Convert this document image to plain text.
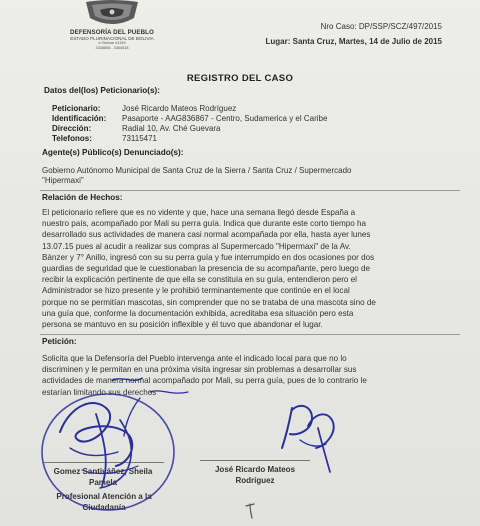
DEFENSORÍA DEL PUEBLO
ESTADO PLURINACIONAL DE BOLIVIA
c/ Bolívar #1159
3338808 - 3364518
Nro Caso: DP/SSP/SCZ/497/2015
Lugar: Santa Cruz, Martes, 14 de Julio de 2015
REGISTRO DEL CASO
Datos del(los) Peticionario(s):
Peticionario:	José Ricardo Mateos Rodríguez
Identificación: Pasaporte - AAG836867 - Centro, Sudamerica y el Caribe
Dirección:	Radial 10, Av. Ché Guevara
Telefonos:	73115471
Agente(s) Público(s) Denunciado(s):
Gobierno Autónomo Municipal de Santa Cruz de la Sierra / Santa Cruz / Supermercado
"Hipermaxi"
Relación de Hechos:
El peticionario refiere que es no vidente y que, hace una semana llegó desde España a
nuestro país, acompañado por Mali su perra guía. Indica que durante este corto tiempo ha
desarrollado sus actividades de manera casi normal acompañada por ella, hasta ayer lunes
13.07.15 pues al acudir a realizar sus compras al Supermercado "Hipermaxi" de la Av.
Bánzer y 7° Anillo, ingresó con su su perra guía y fue interrumpido en dos ocasiones por dos
guardias de seguridad que le cuestionaban la presencia de su acompañante, pero luego de
recibir la explicación pertinente de que ella se constituía en su guía, entendieron pero el
Administrador se hizo presente y le prohibió terminantemente que continúe en el local
porque no se permitían mascotas, sin comprender que no se trataba de una mascota sino de
una guía que, conforme la documentación exhibida, acreditaba esa situación pero esta
persona se mantuvo en su posición inflexible y él tuvo que abandonar el lugar.
Petición:
Solicita que la Defensoría del Pueblo intervenga ante el indicado local para que no lo
discriminen y le permitan en una próxima visita ingresar sin problemas a desarrollar sus
actividades de manera normal acompañado por Mali, su perra guía, pues de lo contrario le
estarían limitando sus derechos
Gomez Santiváñez, Sheila
Pamela
Profesional Atención a la
Ciudadanía
José Ricardo Mateos
Rodríguez
